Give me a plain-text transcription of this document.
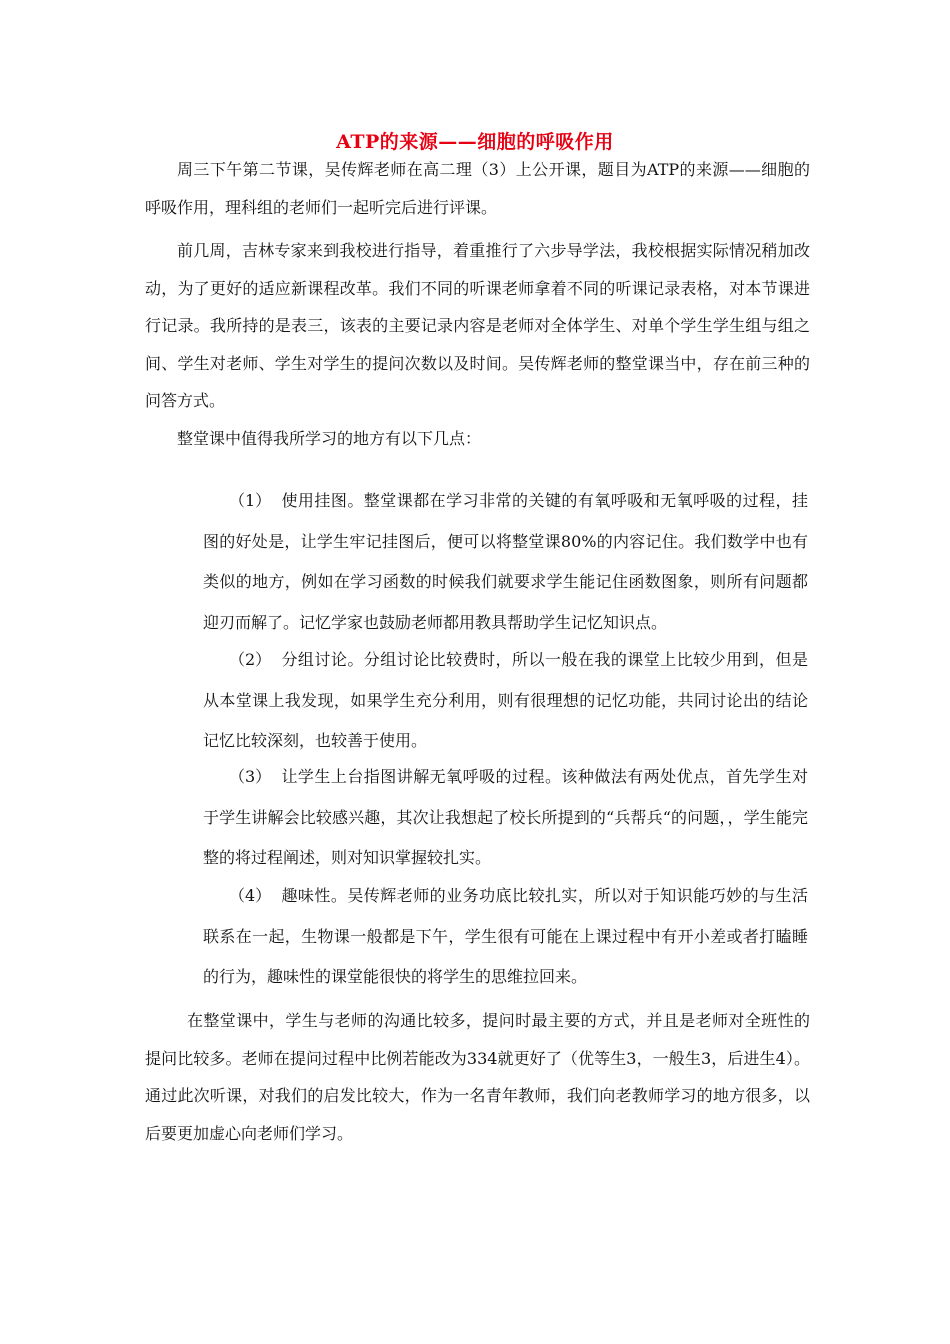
ATP的来源——细胞的呼吸作用

周三下午第二节课，吴传辉老师在高二理（3）上公开课，题目为ATP的来源——细胞的呼吸作用，理科组的老师们一起听完后进行评课。

前几周，吉林专家来到我校进行指导，着重推行了六步导学法，我校根据实际情况稍加改动，为了更好的适应新课程改革。我们不同的听课老师拿着不同的听课记录表格，对本节课进行记录。我所持的是表三，该表的主要记录内容是老师对全体学生、对单个学生学生组与组之间、学生对老师、学生对学生的提问次数以及时间。吴传辉老师的整堂课当中，存在前三种的问答方式。

整堂课中值得我所学习的地方有以下几点：

（1） 使用挂图。整堂课都在学习非常的关键的有氧呼吸和无氧呼吸的过程，挂图的好处是，让学生牢记挂图后，便可以将整堂课80%的内容记住。我们数学中也有类似的地方，例如在学习函数的时候我们就要求学生能记住函数图象，则所有问题都迎刃而解了。记忆学家也鼓励老师都用教具帮助学生记忆知识点。

（2） 分组讨论。分组讨论比较费时，所以一般在我的课堂上比较少用到，但是从本堂课上我发现，如果学生充分利用，则有很理想的记忆功能，共同讨论出的结论记忆比较深刻，也较善于使用。

（3） 让学生上台指图讲解无氧呼吸的过程。该种做法有两处优点，首先学生对于学生讲解会比较感兴趣，其次让我想起了校长所提到的“兵帮兵“的问题，，学生能完整的将过程阐述，则对知识掌握较扎实。

（4） 趣味性。吴传辉老师的业务功底比较扎实，所以对于知识能巧妙的与生活联系在一起，生物课一般都是下午，学生很有可能在上课过程中有开小差或者打瞌睡的行为，趣味性的课堂能很快的将学生的思维拉回来。

在整堂课中，学生与老师的沟通比较多，提问时最主要的方式，并且是老师对全班性的提问比较多。老师在提问过程中比例若能改为334就更好了（优等生3，一般生3，后进生4）。通过此次听课，对我们的启发比较大，作为一名青年教师，我们向老教师学习的地方很多，以后要更加虚心向老师们学习。
